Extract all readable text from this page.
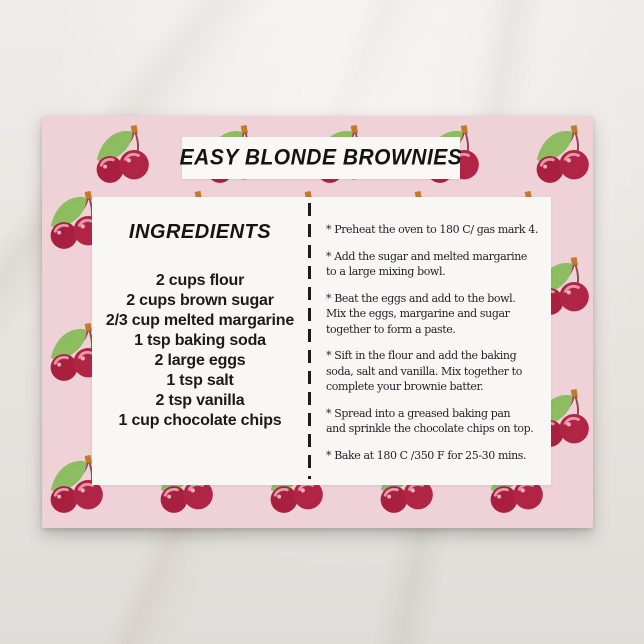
EASY BLONDE BROWNIES
INGREDIENTS
2 cups flour
2 cups brown sugar
2/3 cup melted margarine
1 tsp baking soda
2 large eggs
1 tsp salt
2 tsp vanilla
1 cup chocolate chips
* Preheat the oven to 180 C/ gas mark 4.
* Add the sugar and melted margarine
to a large mixing bowl.
* Beat the eggs and add to the bowl.
Mix the eggs, margarine and sugar
together to form a paste.
* Sift in the flour and add the baking
soda, salt and vanilla. Mix together to
complete your brownie batter.
* Spread into a greased baking pan
and sprinkle the chocolate chips on top.
* Bake at 180 C /350 F for 25-30 mins.
